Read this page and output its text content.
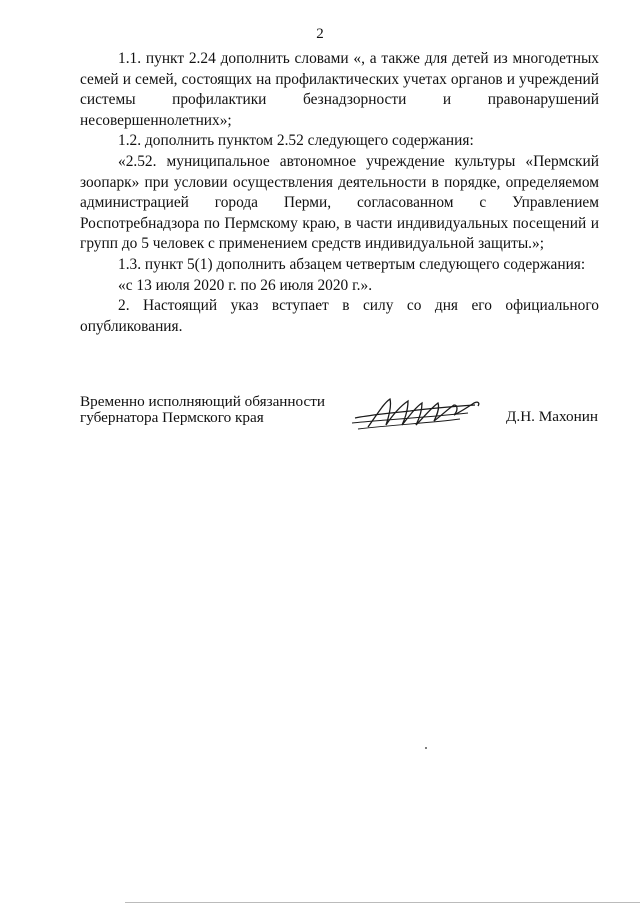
2

1.1. пункт 2.24 дополнить словами «, а также для детей из многодетных семей и семей, состоящих на профилактических учетах органов и учреждений системы профилактики безнадзорности и правонарушений несовершеннолетних»;

1.2. дополнить пунктом 2.52 следующего содержания:

«2.52. муниципальное автономное учреждение культуры «Пермский зоопарк» при условии осуществления деятельности в порядке, определяемом администрацией города Перми, согласованном с Управлением Роспотребнадзора по Пермскому краю, в части индивидуальных посещений и групп до 5 человек с применением средств индивидуальной защиты.»;

1.3. пункт 5(1) дополнить абзацем четвертым следующего содержания:

«с 13 июля 2020 г. по 26 июля 2020 г.».

2. Настоящий указ вступает в силу со дня его официального опубликования.

Временно исполняющий обязанности
губернатора Пермского края	Д.Н. Махонин
